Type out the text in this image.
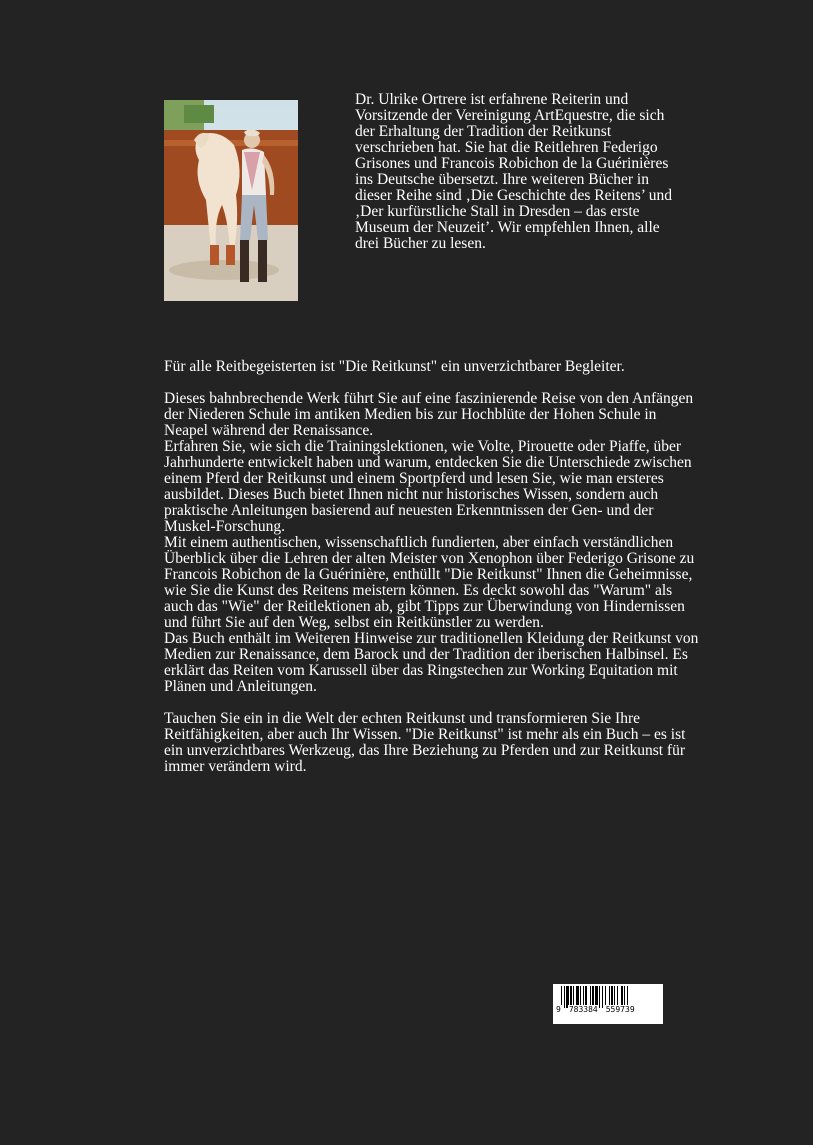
Dr. Ulrike Ortrere ist erfahrene Reiterin und Vorsitzende der Vereinigung ArtEquestre, die sich der Erhaltung der Tradition der Reitkunst verschrieben hat. Sie hat die Reitlehren Federigo Grisones und Francois Robichon de la Guérinières ins Deutsche übersetzt. Ihre weiteren Bücher in dieser Reihe sind ‚Die Geschichte des Reitens’ und ‚Der kurfürstliche Stall in Dresden – das erste Museum der Neuzeit’. Wir empfehlen Ihnen, alle drei Bücher zu lesen.

Für alle Reitbegeisterten ist "Die Reitkunst" ein unverzichtbarer Begleiter.

Dieses bahnbrechende Werk führt Sie auf eine faszinierende Reise von den Anfängen der Niederen Schule im antiken Medien bis zur Hochblüte der Hohen Schule in Neapel während der Renaissance.

Erfahren Sie, wie sich die Trainingslektionen, wie Volte, Pirouette oder Piaffe, über Jahrhunderte entwickelt haben und warum, entdecken Sie die Unterschiede zwischen einem Pferd der Reitkunst und einem Sportpferd und lesen Sie, wie man ersteres ausbildet. Dieses Buch bietet Ihnen nicht nur historisches Wissen, sondern auch praktische Anleitungen basierend auf neuesten Erkenntnissen der Gen- und der Muskel-Forschung.

Mit einem authentischen, wissenschaftlich fundierten, aber einfach verständlichen Überblick über die Lehren der alten Meister von Xenophon über Federigo Grisone zu Francois Robichon de la Guérinière, enthüllt "Die Reitkunst" Ihnen die Geheimnisse, wie Sie die Kunst des Reitens meistern können. Es deckt sowohl das "Warum" als auch das "Wie" der Reitlektionen ab, gibt Tipps zur Überwindung von Hindernissen und führt Sie auf den Weg, selbst ein Reitkünstler zu werden.

Das Buch enthält im Weiteren Hinweise zur traditionellen Kleidung der Reitkunst von Medien zur Renaissance, dem Barock und der Tradition der iberischen Halbinsel. Es erklärt das Reiten vom Karussell über das Ringstechen zur Working Equitation mit Plänen und Anleitungen.

Tauchen Sie ein in die Welt der echten Reitkunst und transformieren Sie Ihre Reitfähigkeiten, aber auch Ihr Wissen. "Die Reitkunst" ist mehr als ein Buch – es ist ein unverzichtbares Werkzeug, das Ihre Beziehung zu Pferden und zur Reitkunst für immer verändern wird.

9 783384 559739
